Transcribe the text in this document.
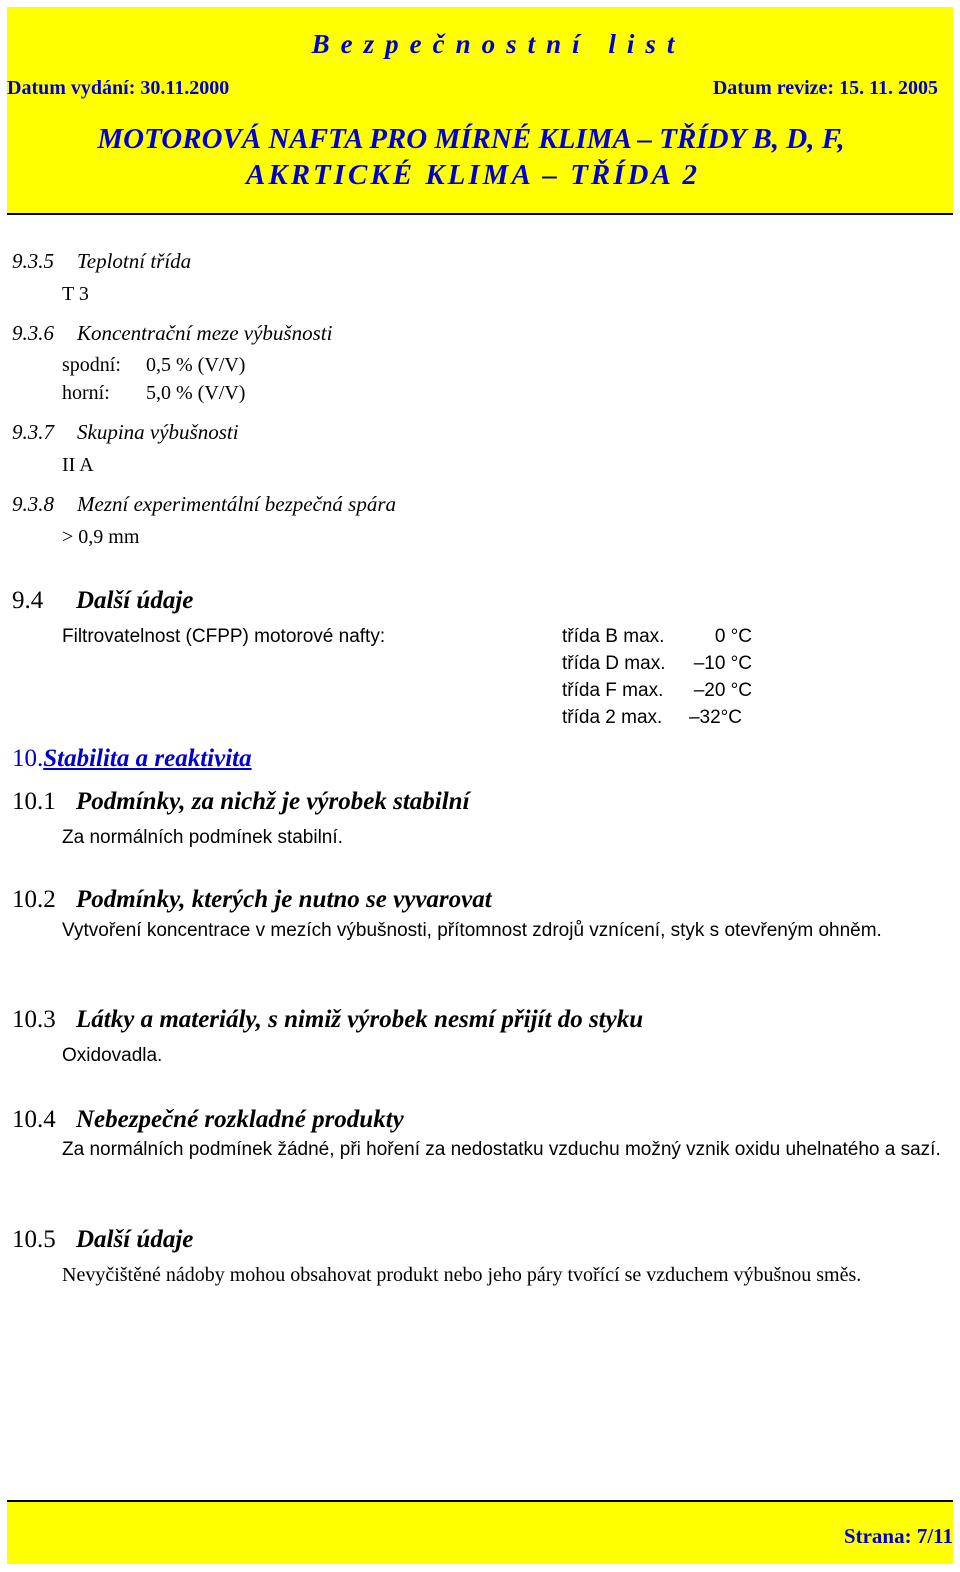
Bezpečnostní list
Datum vydání: 30.11.2000	Datum revize: 15. 11. 2005
MOTOROVÁ NAFTA PRO MÍRNÉ KLIMA – TŘÍDY B, D, F,
AKRTICKÉ KLIMA – TŘÍDA 2
9.3.5 Teplotní třída
T 3
9.3.6 Koncentrační meze výbušnosti
spodní: 0,5 % (V/V)
horní: 5,0 % (V/V)
9.3.7 Skupina výbušnosti
II A
9.3.8 Mezní experimentální bezpečná spára
> 0,9 mm
9.4 Další údaje
Filtrovatelnost (CFPP) motorové nafty:	třída B max.	0 °C
třída D max.	–10 °C
třída F max.	–20 °C
třída 2 max.	–32°C
10.Stabilita a reaktivita
10.1 Podmínky, za nichž je výrobek stabilní
Za normálních podmínek stabilní.
10.2 Podmínky, kterých je nutno se vyvarovat
Vytvoření koncentrace v mezích výbušnosti, přítomnost zdrojů vznícení, styk s otevřeným ohněm.
10.3 Látky a materiály, s nimiž výrobek nesmí přijít do styku
Oxidovadla.
10.4 Nebezpečné rozkladné produkty
Za normálních podmínek žádné, při hoření za nedostatku vzduchu možný vznik oxidu uhelnatého a sazí.
10.5 Další údaje
Nevyčištěné nádoby mohou obsahovat produkt nebo jeho páry tvořící se vzduchem výbušnou směs.
Strana: 7/11
